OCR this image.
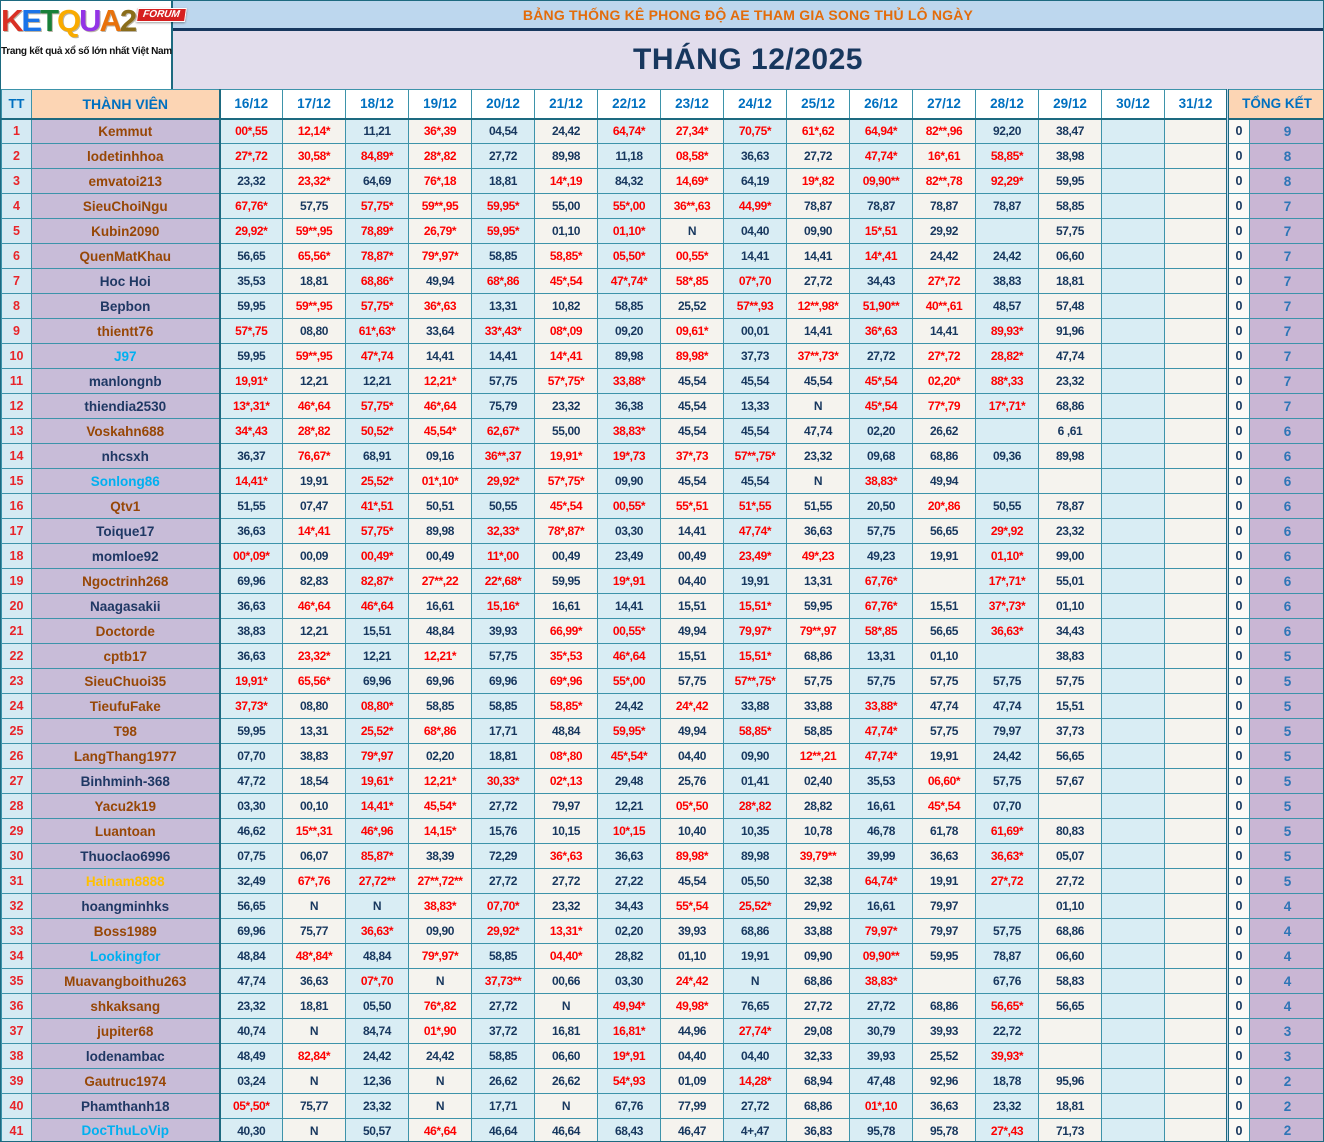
KETQUA2 FORUM
Trang kết quả xổ số lớn nhất Việt Nam
BẢNG THỐNG KÊ PHONG ĐỘ AE THAM GIA SONG THỦ LÔ NGÀY
THÁNG 12/2025
TT	THÀNH VIÊN	16/12	17/12	18/12	19/12	20/12	21/12	22/12	23/12	24/12	25/12	26/12	27/12	28/12	29/12	30/12	31/12	TỔNG KẾT	
1	Kemmut	00*,55	12,14*	11,21	36*,39	04,54	24,42	64,74*	27,34*	70,75*	61*,62	64,94*	82**,96	92,20	38,47			0	9
2	lodetinhhoa	27*,72	30,58*	84,89*	28*,82	27,72	89,98	11,18	08,58*	36,63	27,72	47,74*	16*,61	58,85*	38,98			0	8
3	emvatoi213	23,32	23,32*	64,69	76*,18	18,81	14*,19	84,32	14,69*	64,19	19*,82	09,90**	82**,78	92,29*	59,95			0	8
4	SieuChoiNgu	67,76*	57,75	57,75*	59**,95	59,95*	55,00	55*,00	36**,63	44,99*	78,87	78,87	78,87	78,87	58,85			0	7
5	Kubin2090	29,92*	59**,95	78,89*	26,79*	59,95*	01,10	01,10*	N	04,40	09,90	15*,51	29,92		57,75			0	7
6	QuenMatKhau	56,65	65,56*	78,87*	79*,97*	58,85	58,85*	05,50*	00,55*	14,41	14,41	14*,41	24,42	24,42	06,60			0	7
7	Hoc Hoi	35,53	18,81	68,86*	49,94	68*,86	45*,54	47*,74*	58*,85	07*,70	27,72	34,43	27*,72	38,83	18,81			0	7
8	Bepbon	59,95	59**,95	57,75*	36*,63	13,31	10,82	58,85	25,52	57**,93	12**,98*	51,90**	40**,61	48,57	57,48			0	7
9	thientt76	57*,75	08,80	61*,63*	33,64	33*,43*	08*,09	09,20	09,61*	00,01	14,41	36*,63	14,41	89,93*	91,96			0	7
10	J97	59,95	59**,95	47*,74	14,41	14,41	14*,41	89,98	89,98*	37,73	37**,73*	27,72	27*,72	28,82*	47,74			0	7
11	manlongnb	19,91*	12,21	12,21	12,21*	57,75	57*,75*	33,88*	45,54	45,54	45,54	45*,54	02,20*	88*,33	23,32			0	7
12	thiendia2530	13*,31*	46*,64	57,75*	46*,64	75,79	23,32	36,38	45,54	13,33	N	45*,54	77*,79	17*,71*	68,86			0	7
13	Voskahn688	34*,43	28*,82	50,52*	45,54*	62,67*	55,00	38,83*	45,54	45,54	47,74	02,20	26,62		6 ,61			0	6
14	nhcsxh	36,37	76,67*	68,91	09,16	36**,37	19,91*	19*,73	37*,73	57**,75*	23,32	09,68	68,86	09,36	89,98			0	6
15	Sonlong86	14,41*	19,91	25,52*	01*,10*	29,92*	57*,75*	09,90	45,54	45,54	N	38,83*	49,94					0	6
16	Qtv1	51,55	07,47	41*,51	50,51	50,55	45*,54	00,55*	55*,51	51*,55	51,55	20,50	20*,86	50,55	78,87			0	6
17	Toique17	36,63	14*,41	57,75*	89,98	32,33*	78*,87*	03,30	14,41	47,74*	36,63	57,75	56,65	29*,92	23,32			0	6
18	momloe92	00*,09*	00,09	00,49*	00,49	11*,00	00,49	23,49	00,49	23,49*	49*,23	49,23	19,91	01,10*	99,00			0	6
19	Ngoctrinh268	69,96	82,83	82,87*	27**,22	22*,68*	59,95	19*,91	04,40	19,91	13,31	67,76*		17*,71*	55,01			0	6
20	Naagasakii	36,63	46*,64	46*,64	16,61	15,16*	16,61	14,41	15,51	15,51*	59,95	67,76*	15,51	37*,73*	01,10			0	6
21	Doctorde	38,83	12,21	15,51	48,84	39,93	66,99*	00,55*	49,94	79,97*	79**,97	58*,85	56,65	36,63*	34,43			0	6
22	cptb17	36,63	23,32*	12,21	12,21*	57,75	35*,53	46*,64	15,51	15,51*	68,86	13,31	01,10		38,83			0	5
23	SieuChuoi35	19,91*	65,56*	69,96	69,96	69,96	69*,96	55*,00	57,75	57**,75*	57,75	57,75	57,75	57,75	57,75			0	5
24	TieufuFake	37,73*	08,80	08,80*	58,85	58,85	58,85*	24,42	24*,42	33,88	33,88	33,88*	47,74	47,74	15,51			0	5
25	T98	59,95	13,31	25,52*	68*,86	17,71	48,84	59,95*	49,94	58,85*	58,85	47,74*	57,75	79,97	37,73			0	5
26	LangThang1977	07,70	38,83	79*,97	02,20	18,81	08*,80	45*,54*	04,40	09,90	12**,21	47,74*	19,91	24,42	56,65			0	5
27	Binhminh-368	47,72	18,54	19,61*	12,21*	30,33*	02*,13	29,48	25,76	01,41	02,40	35,53	06,60*	57,75	57,67			0	5
28	Yacu2k19	03,30	00,10	14,41*	45,54*	27,72	79,97	12,21	05*,50	28*,82	28,82	16,61	45*,54	07,70				0	5
29	Luantoan	46,62	15**,31	46*,96	14,15*	15,76	10,15	10*,15	10,40	10,35	10,78	46,78	61,78	61,69*	80,83			0	5
30	Thuoclao6996	07,75	06,07	85,87*	38,39	72,29	36*,63	36,63	89,98*	89,98	39,79**	39,99	36,63	36,63*	05,07			0	5
31	Hainam8888	32,49	67*,76	27,72**	27**,72**	27,72	27,72	27,22	45,54	05,50	32,38	64,74*	19,91	27*,72	27,72			0	5
32	hoangminhks	56,65	N	N	38,83*	07,70*	23,32	34,43	55*,54	25,52*	29,92	16,61	79,97		01,10			0	4
33	Boss1989	69,96	75,77	36,63*	09,90	29,92*	13,31*	02,20	39,93	68,86	33,88	79,97*	79,97	57,75	68,86			0	4
34	Lookingfor	48,84	48*,84*	48,84	79*,97*	58,85	04,40*	28,82	01,10	19,91	09,90	09,90**	59,95	78,87	06,60			0	4
35	Muavangboithu263	47,74	36,63	07*,70	N	37,73**	00,66	03,30	24*,42	N	68,86	38,83*		67,76	58,83			0	4
36	shkaksang	23,32	18,81	05,50	76*,82	27,72	N	49,94*	49,98*	76,65	27,72	27,72	68,86	56,65*	56,65			0	4
37	jupiter68	40,74	N	84,74	01*,90	37,72	16,81	16,81*	44,96	27,74*	29,08	30,79	39,93	22,72				0	3
38	lodenambac	48,49	82,84*	24,42	24,42	58,85	06,60	19*,91	04,40	04,40	32,33	39,93	25,52	39,93*				0	3
39	Gautruc1974	03,24	N	12,36	N	26,62	26,62	54*,93	01,09	14,28*	68,94	47,48	92,96	18,78	95,96			0	2
40	Phamthanh18	05*,50*	75,77	23,32	N	17,71	N	67,76	77,99	27,72	68,86	01*,10	36,63	23,32	18,81			0	2
41	DocThuLoVip	40,30	N	50,57	46*,64	46,64	46,64	68,43	46,47	4+,47	36,83	95,78	95,78	27*,43	71,73			0	2
